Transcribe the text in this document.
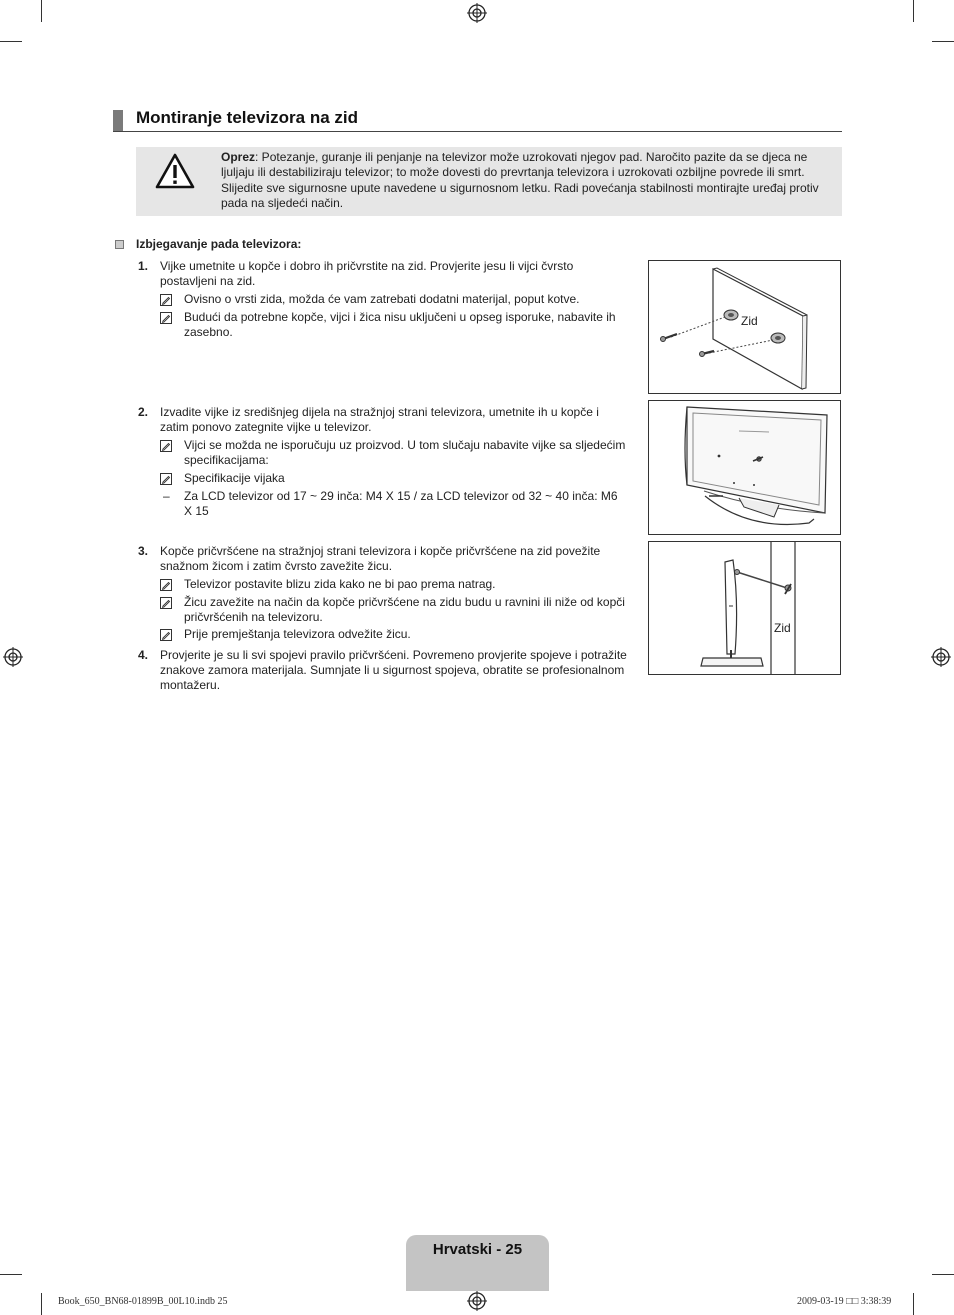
Montiranje televizora na zid
Oprez: Potezanje, guranje ili penjanje na televizor može uzrokovati njegov pad. Naročito pazite da se djeca ne ljuljaju ili destabiliziraju televizor; to može dovesti do prevrtanja televizora i uzrokovati ozbiljne povrede ili smrt. Slijedite sve sigurnosne upute navedene u sigurnosnom letku. Radi povećanja stabilnosti montirajte uređaj protiv pada na sljedeći način.
Izbjegavanje pada televizora:
1. Vijke umetnite u kopče i dobro ih pričvrstite na zid. Provjerite jesu li vijci čvrsto
postavljeni na zid.
Ovisno o vrsti zida, možda će vam zatrebati dodatni materijal, poput kotve.
Budući da potrebne kopče, vijci i žica nisu uključeni u opseg isporuke, nabavite ih
zasebno.
2. Izvadite vijke iz središnjeg dijela na stražnjoj strani televizora, umetnite ih u kopče i
zatim ponovo zategnite vijke u televizor.
Vijci se možda ne isporučuju uz proizvod. U tom slučaju nabavite vijke sa sljedećim
specifikacijama:
Specifikacije vijaka
– Za LCD televizor od 17 ~ 29 inča: M4 X 15 / za LCD televizor od 32 ~ 40 inča: M6
X 15
3. Kopče pričvršćene na stražnjoj strani televizora i kopče pričvršćene na zid povežite
snažnom žicom i zatim čvrsto zavežite žicu.
Televizor postavite blizu zida kako ne bi pao prema natrag.
Žicu zavežite na način da kopče pričvršćene na zidu budu u ravnini ili niže od kopči
pričvršćenih na televizoru.
Prije premještanja televizora odvežite žicu.
4. Provjerite je su li svi spojevi pravilo pričvršćeni. Povremeno provjerite spojeve i potražite
znakove zamora materijala. Sumnjate li u sigurnost spojeva, obratite se profesionalnom
montažeru.
Zid
Zid
Hrvatski - 25
Book_650_BN68-01899B_00L10.indb 25	2009-03-19 □□ 3:38:39
